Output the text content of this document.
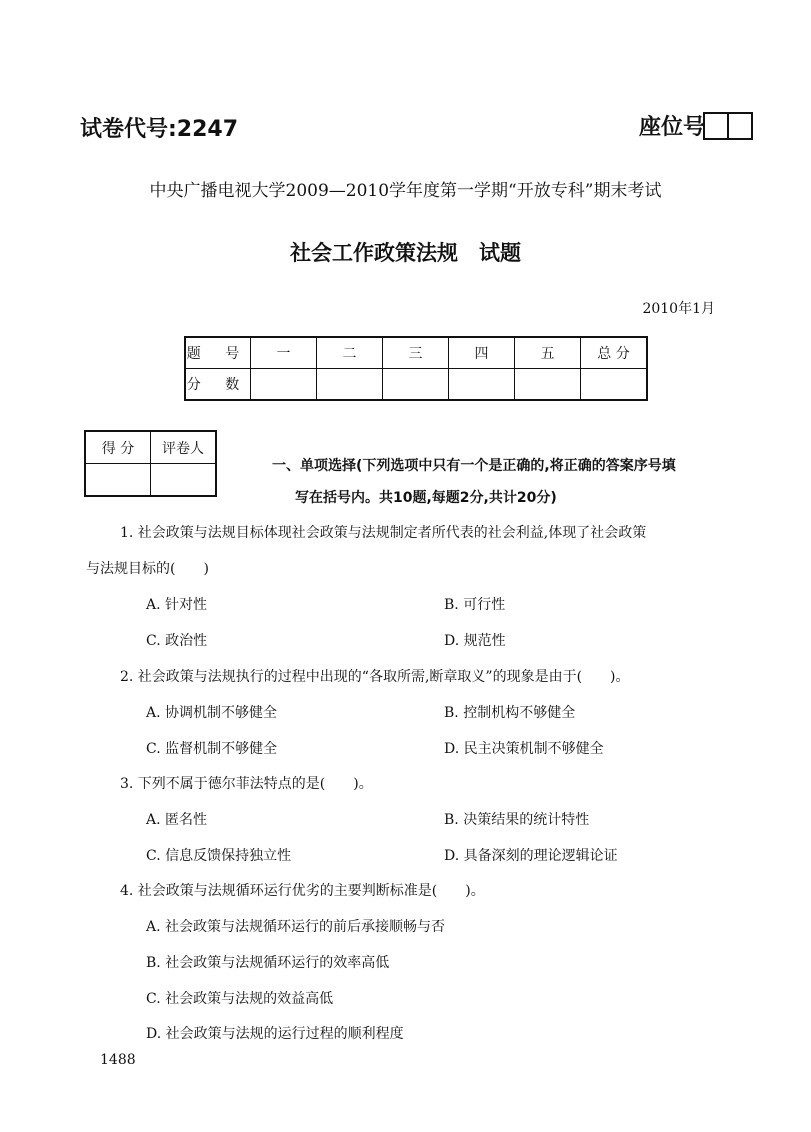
试卷代号:2247	座位号
中央广播电视大学2009—2010学年度第一学期“开放专科”期末考试
社会工作政策法规　试题
2010年1月
题 号	一	二	三	四	五	总 分
分 数						
得 分	评卷人

一、单项选择(下列选项中只有一个是正确的,将正确的答案序号填
写在括号内。共10题,每题2分,共计20分)
1. 社会政策与法规目标体现社会政策与法规制定者所代表的社会利益,体现了社会政策
与法规目标的(　　)
A. 针对性	B. 可行性
C. 政治性	D. 规范性
2. 社会政策与法规执行的过程中出现的“各取所需,断章取义”的现象是由于(　　)。
A. 协调机制不够健全	B. 控制机构不够健全
C. 监督机制不够健全	D. 民主决策机制不够健全
3. 下列不属于德尔菲法特点的是(　　)。
A. 匿名性	B. 决策结果的统计特性
C. 信息反馈保持独立性	D. 具备深刻的理论逻辑论证
4. 社会政策与法规循环运行优劣的主要判断标准是(　　)。
A. 社会政策与法规循环运行的前后承接顺畅与否
B. 社会政策与法规循环运行的效率高低
C. 社会政策与法规的效益高低
D. 社会政策与法规的运行过程的顺利程度
1488
